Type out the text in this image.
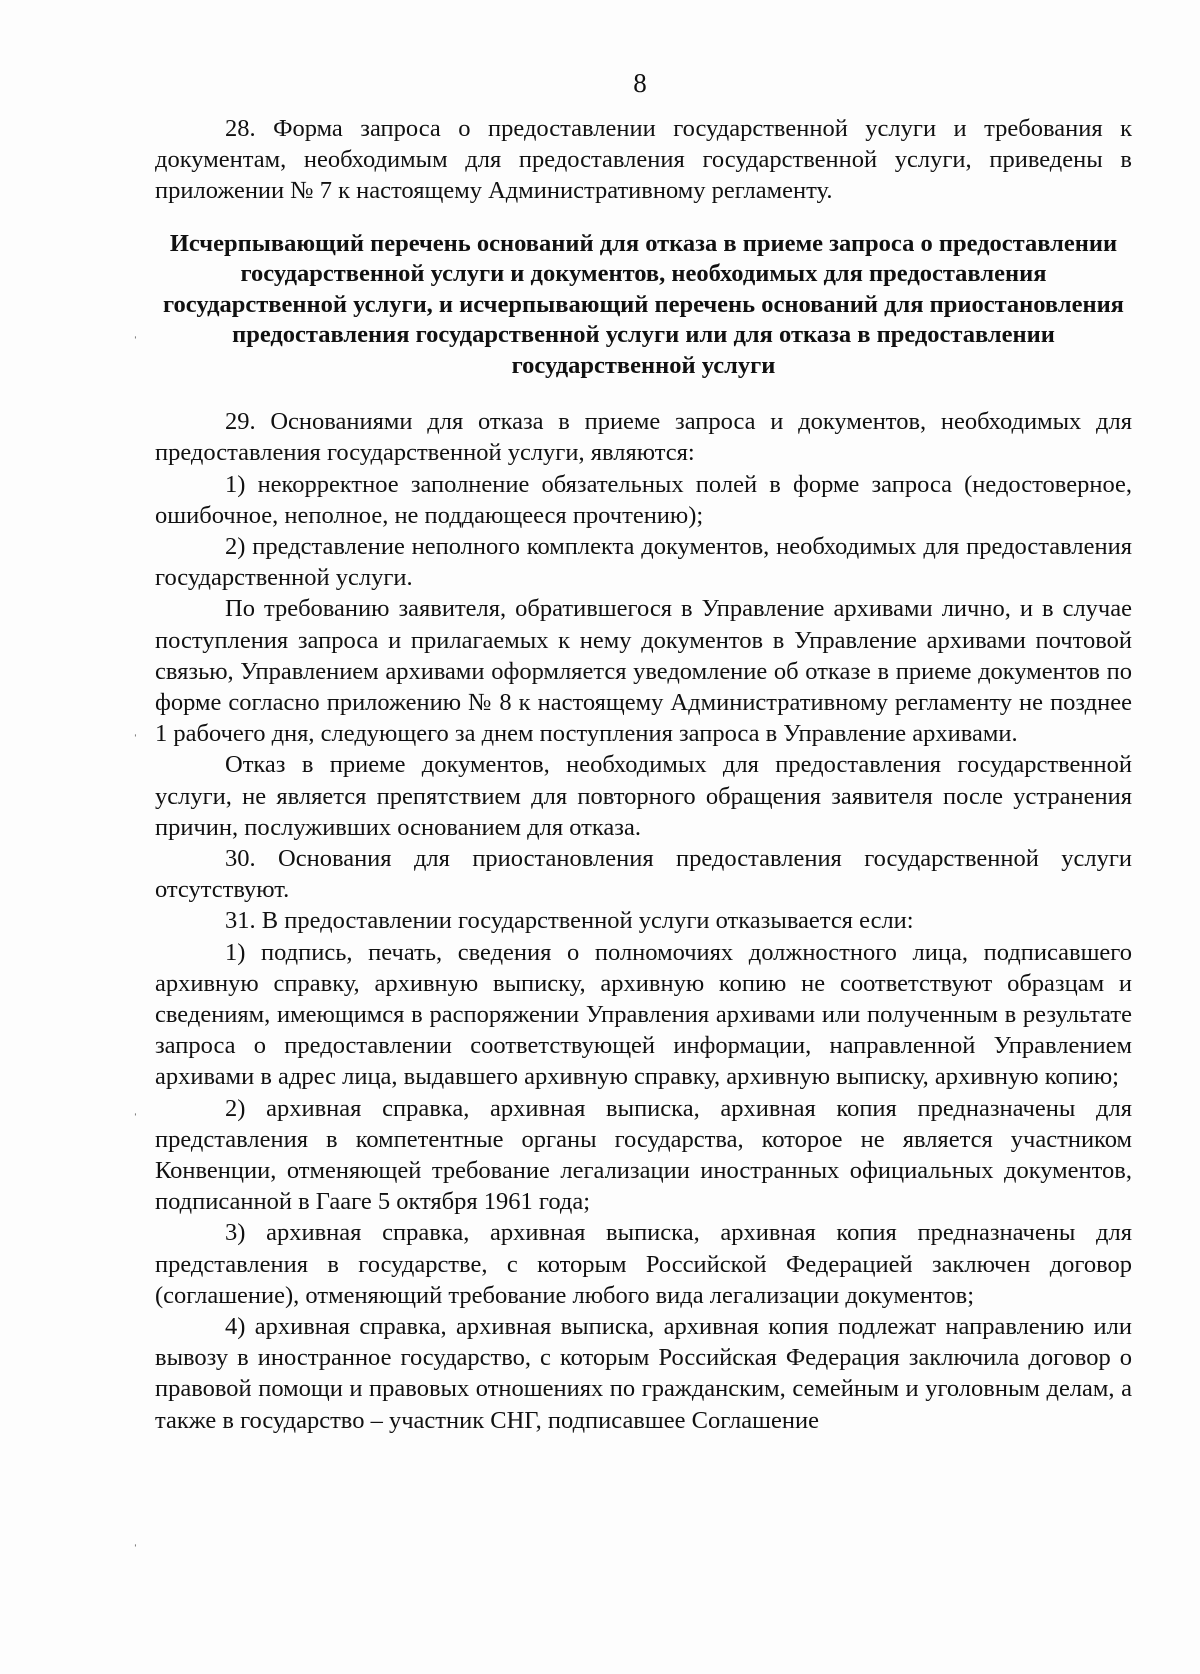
8

28. Форма запроса о предоставлении государственной услуги и требования к документам, необходимым для предоставления государственной услуги, приведены в приложении № 7 к настоящему Административному регламенту.

Исчерпывающий перечень оснований для отказа в приеме запроса о предоставлении государственной услуги и документов, необходимых для предоставления государственной услуги, и исчерпывающий перечень оснований для приостановления предоставления государственной услуги или для отказа в предоставлении государственной услуги

29. Основаниями для отказа в приеме запроса и документов, необходимых для предоставления государственной услуги, являются:

1) некорректное заполнение обязательных полей в форме запроса (недостоверное, ошибочное, неполное, не поддающееся прочтению);

2) представление неполного комплекта документов, необходимых для предоставления государственной услуги.

По требованию заявителя, обратившегося в Управление архивами лично, и в случае поступления запроса и прилагаемых к нему документов в Управление архивами почтовой связью, Управлением архивами оформляется уведомление об отказе в приеме документов по форме согласно приложению № 8 к настоящему Административному регламенту не позднее 1 рабочего дня, следующего за днем поступления запроса в Управление архивами.

Отказ в приеме документов, необходимых для предоставления государственной услуги, не является препятствием для повторного обращения заявителя после устранения причин, послуживших основанием для отказа.

30. Основания для приостановления предоставления государственной услуги отсутствуют.

31. В предоставлении государственной услуги отказывается если:

1) подпись, печать, сведения о полномочиях должностного лица, подписавшего архивную справку, архивную выписку, архивную копию не соответствуют образцам и сведениям, имеющимся в распоряжении Управления архивами или полученным в результате запроса о предоставлении соответствующей информации, направленной Управлением архивами в адрес лица, выдавшего архивную справку, архивную выписку, архивную копию;

2) архивная справка, архивная выписка, архивная копия предназначены для представления в компетентные органы государства, которое не является участником Конвенции, отменяющей требование легализации иностранных официальных документов, подписанной в Гааге 5 октября 1961 года;

3) архивная справка, архивная выписка, архивная копия предназначены для представления в государстве, с которым Российской Федерацией заключен договор (соглашение), отменяющий требование любого вида легализации документов;

4) архивная справка, архивная выписка, архивная копия подлежат направлению или вывозу в иностранное государство, с которым Российская Федерация заключила договор о правовой помощи и правовых отношениях по гражданским, семейным и уголовным делам, а также в государство – участник СНГ, подписавшее Соглашение

ˈ
ˈ
ˈ
ˈ
